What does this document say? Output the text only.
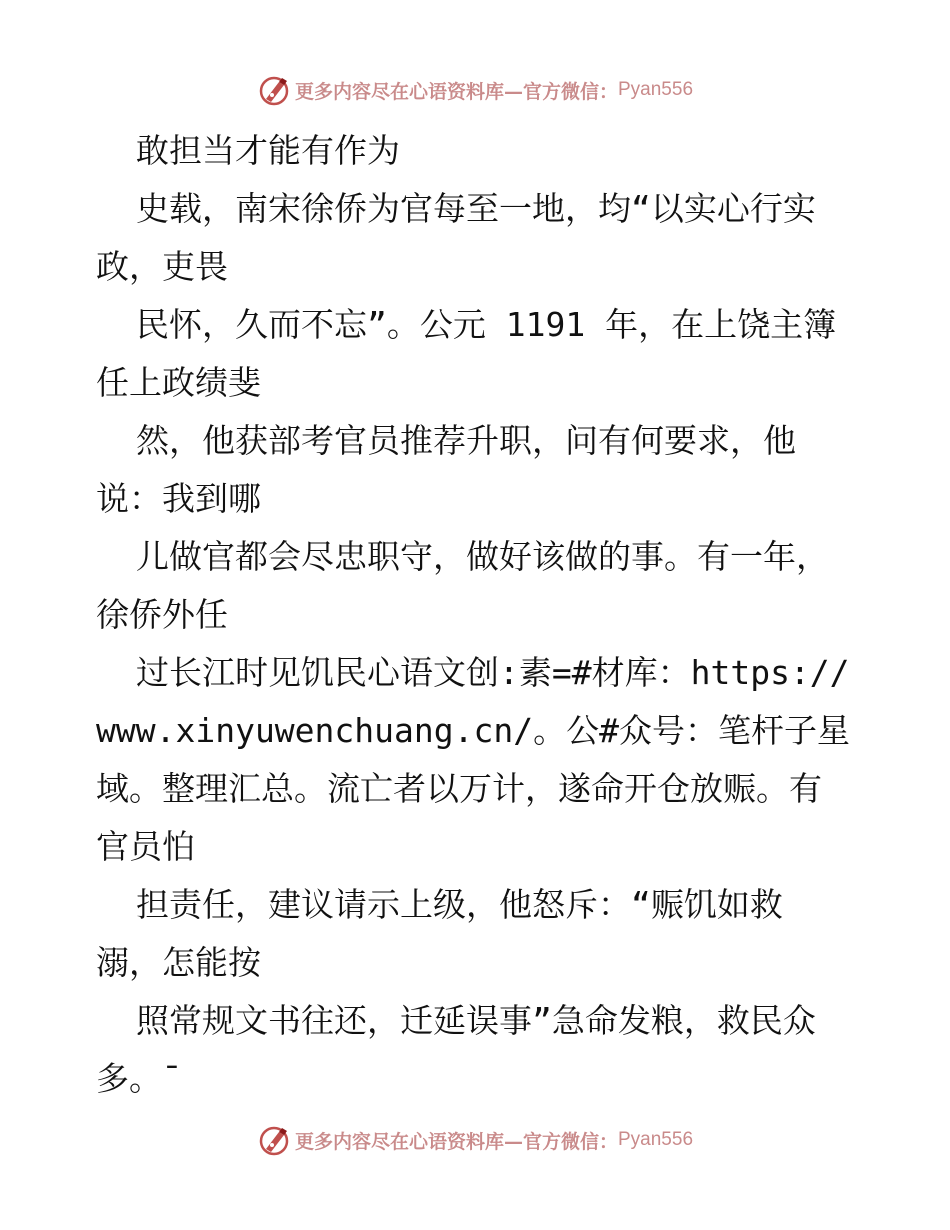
更多内容尽在心语资料库— 官方微信： Pyan556
敢担当才能有作为
史载，南宋徐侨为官每至一地，均“以实心行实
政，吏畏
民怀，久而不忘”。公元 1191 年，在上饶主簿
任上政绩斐
然，他获部考官员推荐升职，问有何要求，他
说：我到哪
儿做官都会尽忠职守，做好该做的事。有一年，
徐侨外任
过长江时见饥民心语文创:素=#材库：https://
www.xinyuwenchuang.cn/。公#众号：笔杆子星
域。整理汇总。流亡者以万计，遂命开仓放赈。有
官员怕
担责任，建议请示上级，他怒斥：“赈饥如救
溺，怎能按
照常规文书往还，迁延误事”急命发粮，救民众
多。¯
更多内容尽在心语资料库— 官方微信： Pyan556
